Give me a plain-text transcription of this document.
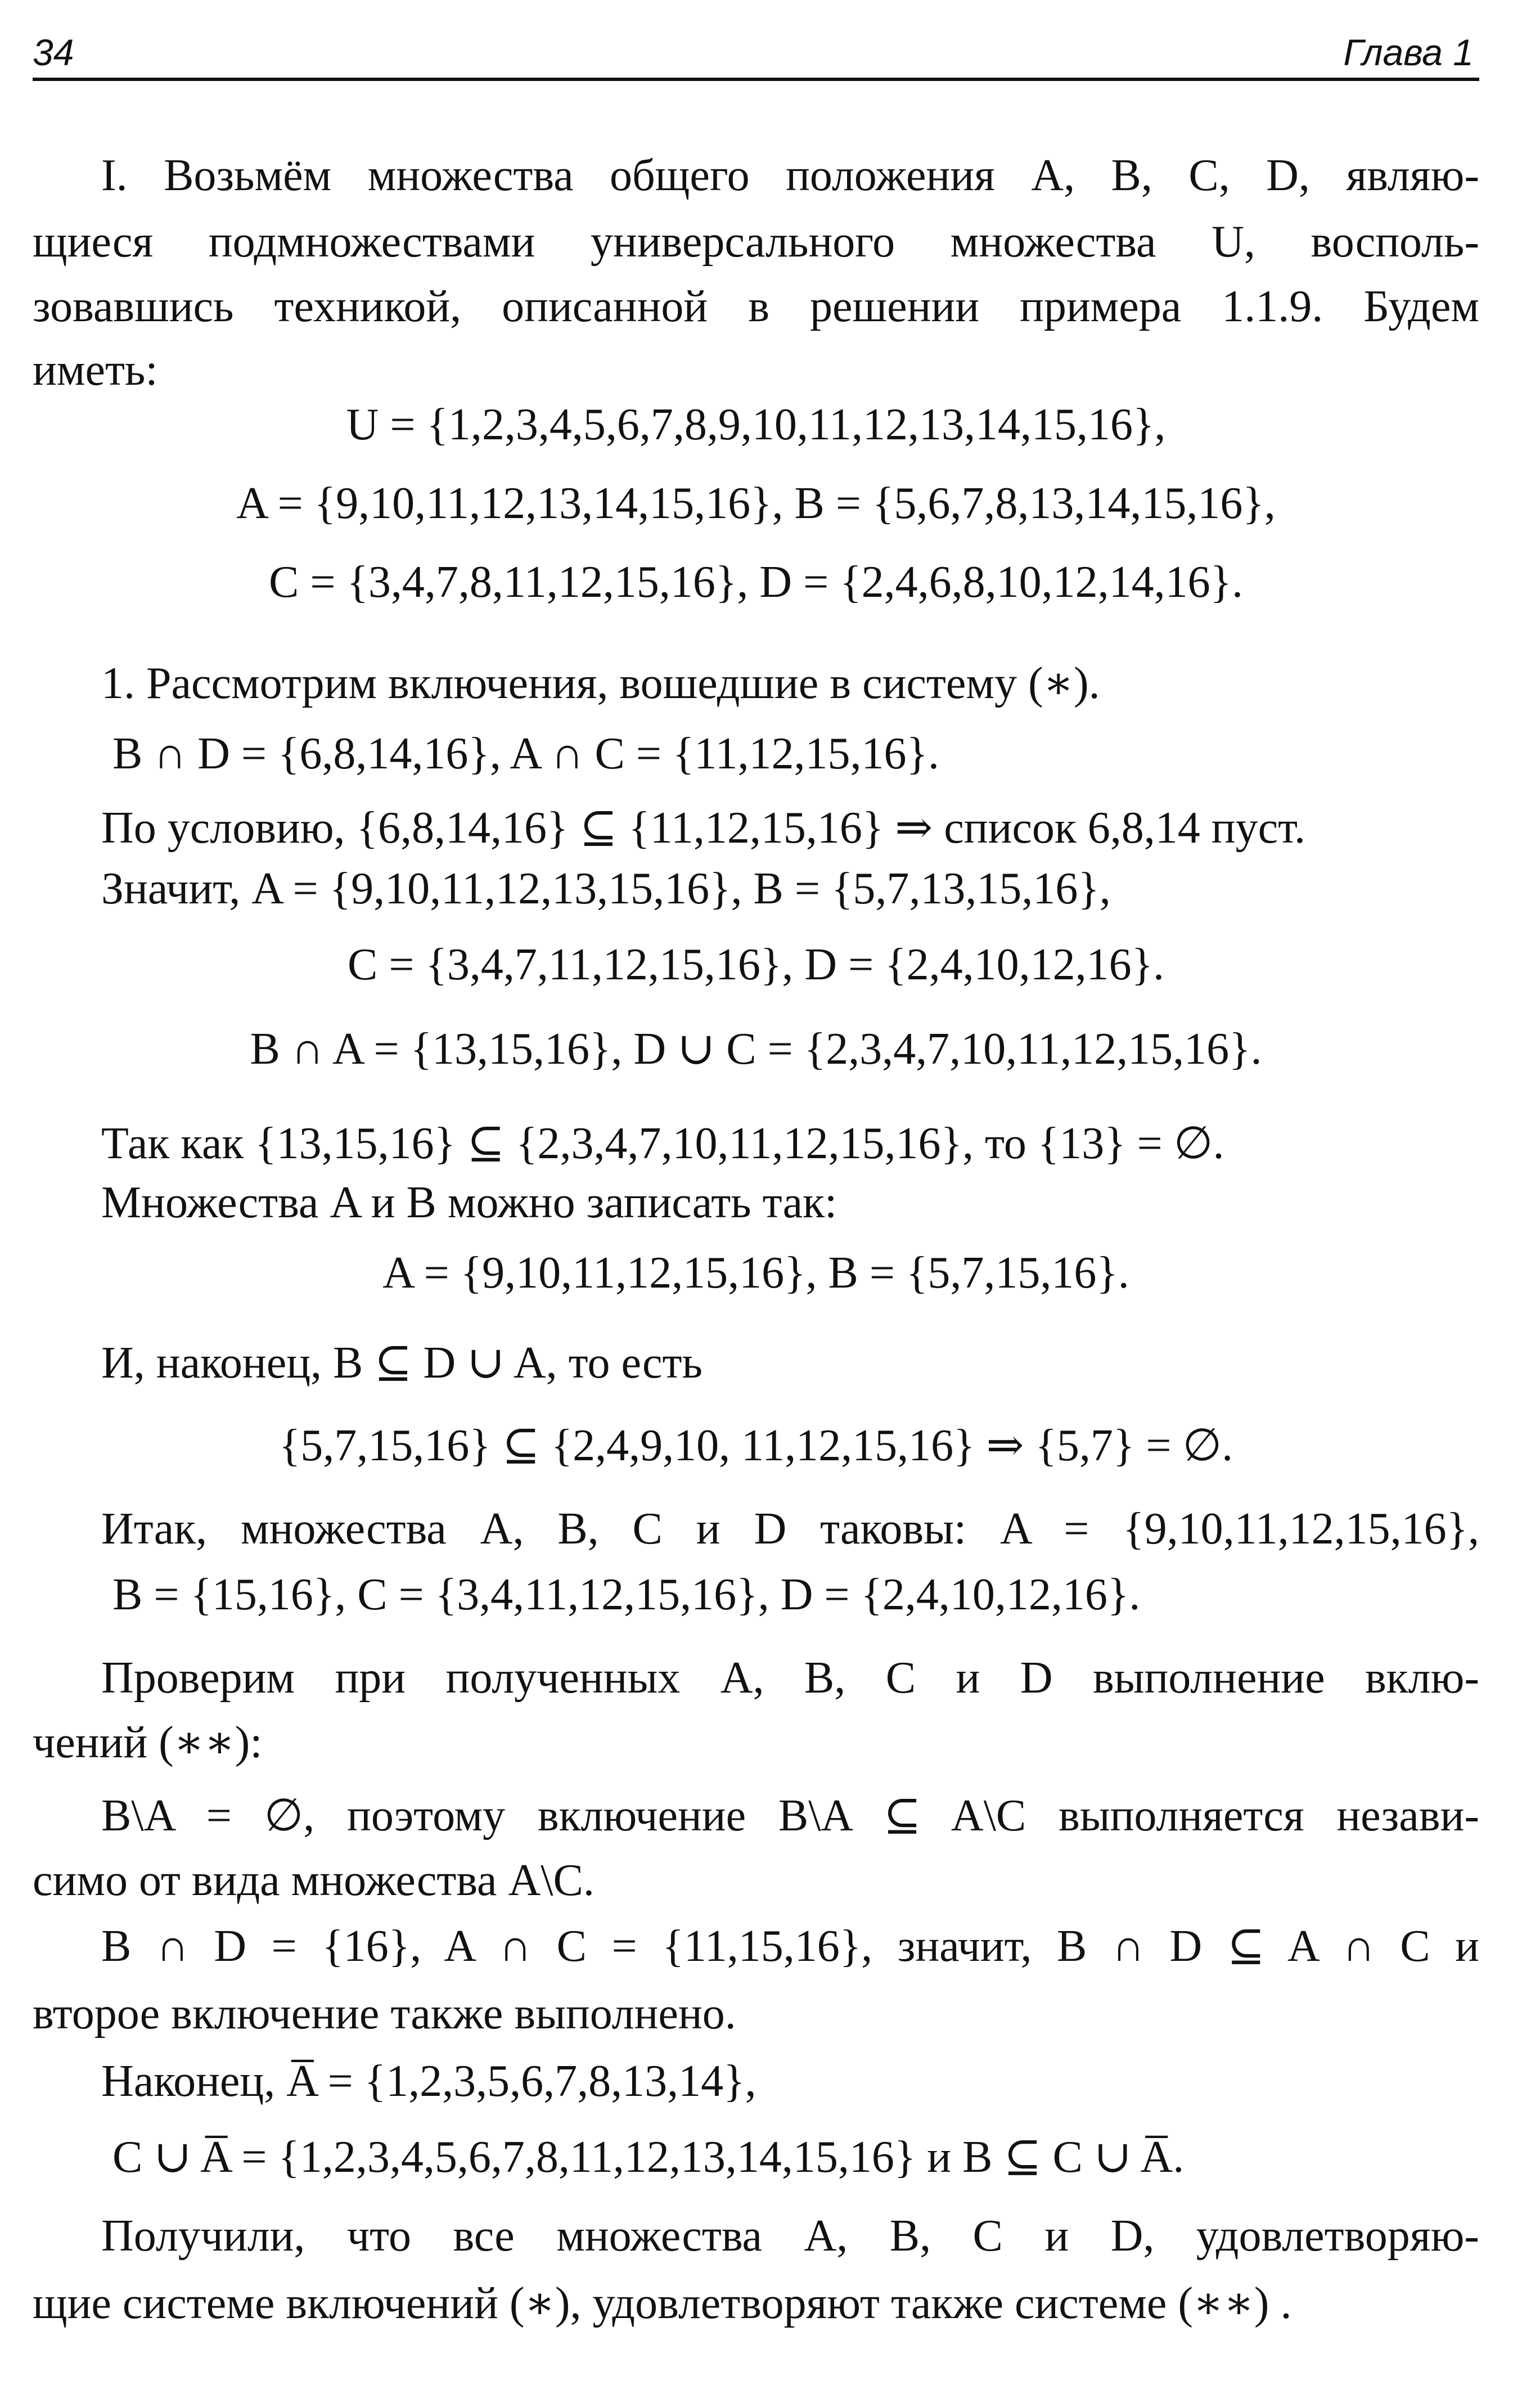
34	Глава 1
I. Возьмём множества общего положения A, B, C, D, являю-
щиеся подмножествами универсального множества U, восполь-
зовавшись техникой, описанной в решении примера 1.1.9. Будем
иметь:
U = {1,2,3,4,5,6,7,8,9,10,11,12,13,14,15,16},
A = {9,10,11,12,13,14,15,16}, B = {5,6,7,8,13,14,15,16},
C = {3,4,7,8,11,12,15,16}, D = {2,4,6,8,10,12,14,16}.
1. Рассмотрим включения, вошедшие в систему (∗).
B ∩ D = {6,8,14,16}, A ∩ C = {11,12,15,16}.
По условию, {6,8,14,16} ⊆ {11,12,15,16} ⇒ список 6,8,14 пуст.
Значит, A = {9,10,11,12,13,15,16}, B = {5,7,13,15,16},
C = {3,4,7,11,12,15,16}, D = {2,4,10,12,16}.
B ∩ A = {13,15,16}, D ∪ C = {2,3,4,7,10,11,12,15,16}.
Так как {13,15,16} ⊆ {2,3,4,7,10,11,12,15,16}, то {13} = ∅.
Множества A и B можно записать так:
A = {9,10,11,12,15,16}, B = {5,7,15,16}.
И, наконец, B ⊆ D ∪ A, то есть
{5,7,15,16} ⊆ {2,4,9,10, 11,12,15,16} ⇒ {5,7} = ∅.
Итак, множества A, B, C и D таковы: A = {9,10,11,12,15,16},
B = {15,16}, C = {3,4,11,12,15,16}, D = {2,4,10,12,16}.
Проверим при полученных A, B, C и D выполнение вклю-
чений (∗∗):
B\A = ∅, поэтому включение B\A ⊆ A\C выполняется незави-
симо от вида множества A\C.
B ∩ D = {16}, A ∩ C = {11,15,16}, значит, B ∩ D ⊆ A ∩ C и
второе включение также выполнено.
Наконец, A̅ = {1,2,3,5,6,7,8,13,14},
C ∪ A̅ = {1,2,3,4,5,6,7,8,11,12,13,14,15,16} и B ⊆ C ∪ A̅.
Получили, что все множества A, B, C и D, удовлетворяю-
щие системе включений (∗), удовлетворяют также системе (∗∗) .
